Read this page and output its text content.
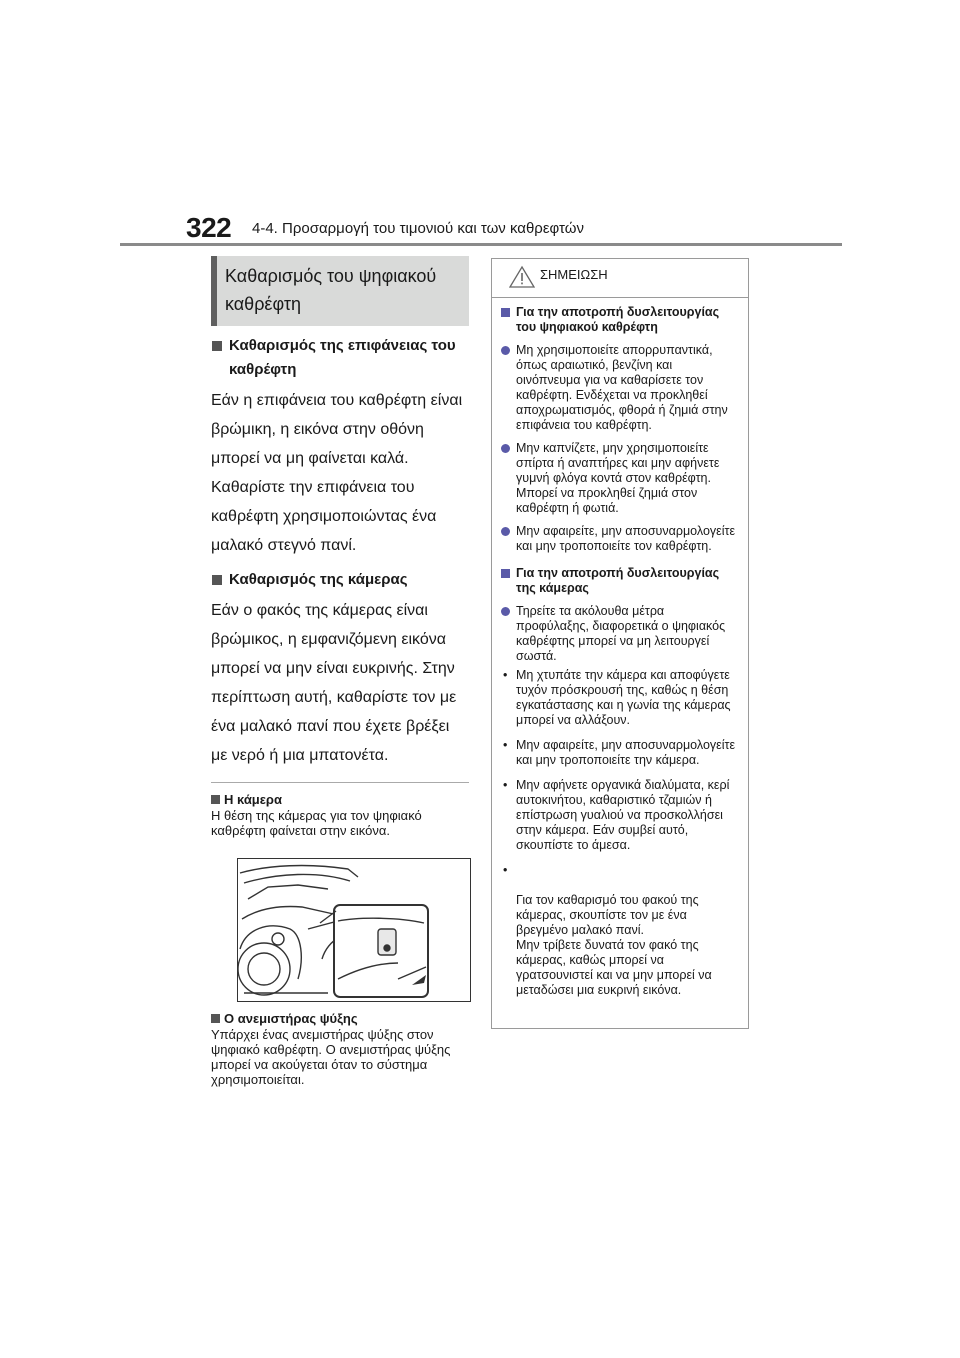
322 4-4. Προσαρμογή του τιμονιού και των καθρεφτών
Καθαρισμός του ψηφιακού καθρέφτη
Καθαρισμός της επιφάνειας του καθρέφτη
Εάν η επιφάνεια του καθρέφτη είναι βρώμικη, η εικόνα στην οθόνη μπορεί να μη φαίνεται καλά.
Καθαρίστε την επιφάνεια του καθρέφτη χρησιμοποιώντας ένα μαλακό στεγνό πανί.
Καθαρισμός της κάμερας
Εάν ο φακός της κάμερας είναι βρώμικος, η εμφανιζόμενη εικόνα μπορεί να μην είναι ευκρινής. Στην περίπτωση αυτή, καθαρίστε τον με ένα μαλακό πανί που έχετε βρέξει με νερό ή μια μπατονέτα.
Η κάμερα
Η θέση της κάμερας για τον ψηφιακό καθρέφτη φαίνεται στην εικόνα.
Ο ανεμιστήρας ψύξης
Υπάρχει ένας ανεμιστήρας ψύξης στον ψηφιακό καθρέφτη. Ο ανεμιστήρας ψύξης μπορεί να ακούγεται όταν το σύστημα χρησιμοποιείται.
ΣΗΜΕΙΩΣΗ
Για την αποτροπή δυσλειτουργίας του ψηφιακού καθρέφτη
Μη χρησιμοποιείτε απορρυπαντικά, όπως αραιωτικό, βενζίνη και οινόπνευμα για να καθαρίσετε τον καθρέφτη. Ενδέχεται να προκληθεί αποχρωματισμός, φθορά ή ζημιά στην επιφάνεια του καθρέφτη.
Μην καπνίζετε, μην χρησιμοποιείτε σπίρτα ή αναπτήρες και μην αφήνετε γυμνή φλόγα κοντά στον καθρέφτη. Μπορεί να προκληθεί ζημιά στον καθρέφτη ή φωτιά.
Μην αφαιρείτε, μην αποσυναρμολογείτε και μην τροποποιείτε τον καθρέφτη.
Για την αποτροπή δυσλειτουργίας της κάμερας
Τηρείτε τα ακόλουθα μέτρα προφύλαξης, διαφορετικά ο ψηφιακός καθρέφτης μπορεί να μη λειτουργεί σωστά.
• Μη χτυπάτε την κάμερα και αποφύγετε τυχόν πρόσκρουσή της, καθώς η θέση εγκατάστασης και η γωνία της κάμερας μπορεί να αλλάξουν.
• Μην αφαιρείτε, μην αποσυναρμολογείτε και μην τροποποιείτε την κάμερα.
• Μην αφήνετε οργανικά διαλύματα, κερί αυτοκινήτου, καθαριστικό τζαμιών ή επίστρωση γυαλιού να προσκολλήσει στην κάμερα. Εάν συμβεί αυτό, σκουπίστε το άμεσα.

•

Για τον καθαρισμό του φακού της κάμερας, σκουπίστε τον με ένα βρεγμένο μαλακό πανί.
Μην τρίβετε δυνατά τον φακό της κάμερας, καθώς μπορεί να γρατσουνιστεί και να μην μπορεί να μεταδώσει μια ευκρινή εικόνα.
